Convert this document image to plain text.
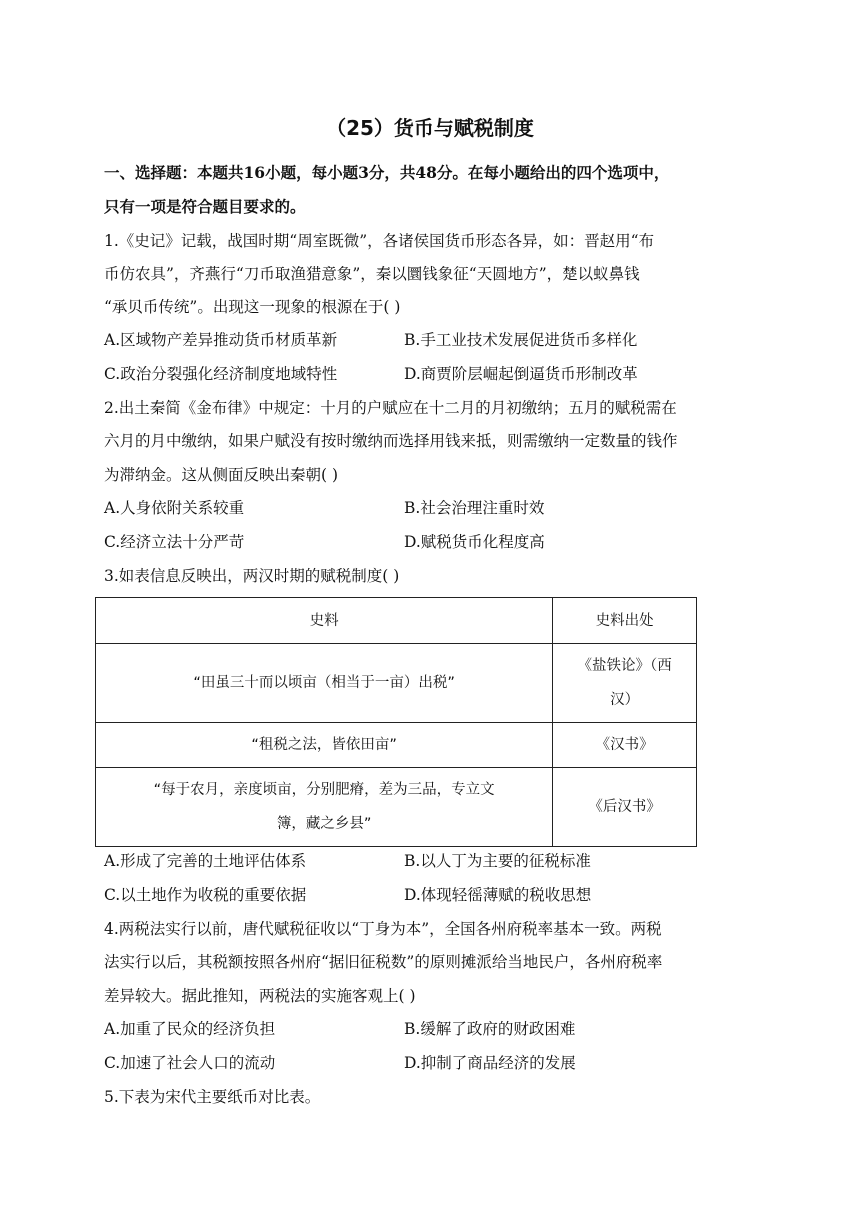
（25）货币与赋税制度
一、选择题：本题共16小题，每小题3分，共48分。在每小题给出的四个选项中，
只有一项是符合题目要求的。
1.《史记》记载，战国时期“周室既微”，各诸侯国货币形态各异，如：晋赵用“布
币仿农具”，齐燕行“刀币取渔猎意象”，秦以圜钱象征“天圆地方”，楚以蚁鼻钱
“承贝币传统”。出现这一现象的根源在于( )
A.区域物产差异推动货币材质革新	B.手工业技术发展促进货币多样化
C.政治分裂强化经济制度地域特性	D.商贾阶层崛起倒逼货币形制改革
2.出土秦简《金布律》中规定：十月的户赋应在十二月的月初缴纳；五月的赋税需在
六月的月中缴纳，如果户赋没有按时缴纳而选择用钱来抵，则需缴纳一定数量的钱作
为滞纳金。这从侧面反映出秦朝( )
A.人身依附关系较重	B.社会治理注重时效
C.经济立法十分严苛	D.赋税货币化程度高
3.如表信息反映出，两汉时期的赋税制度( )
史料	史料出处
“田虽三十而以顷亩（相当于一亩）出税”	《盐铁论》（西
汉）
“租税之法，皆依田亩”	《汉书》
“每于农月，亲度顷亩，分别肥瘠，差为三品，专立文
簿，藏之乡县”	《后汉书》
A.形成了完善的土地评估体系	B.以人丁为主要的征税标准
C.以土地作为收税的重要依据	D.体现轻徭薄赋的税收思想
4.两税法实行以前，唐代赋税征收以“丁身为本”，全国各州府税率基本一致。两税
法实行以后，其税额按照各州府“据旧征税数”的原则摊派给当地民户，各州府税率
差异较大。据此推知，两税法的实施客观上( )
A.加重了民众的经济负担	B.缓解了政府的财政困难
C.加速了社会人口的流动	D.抑制了商品经济的发展
5.下表为宋代主要纸币对比表。
